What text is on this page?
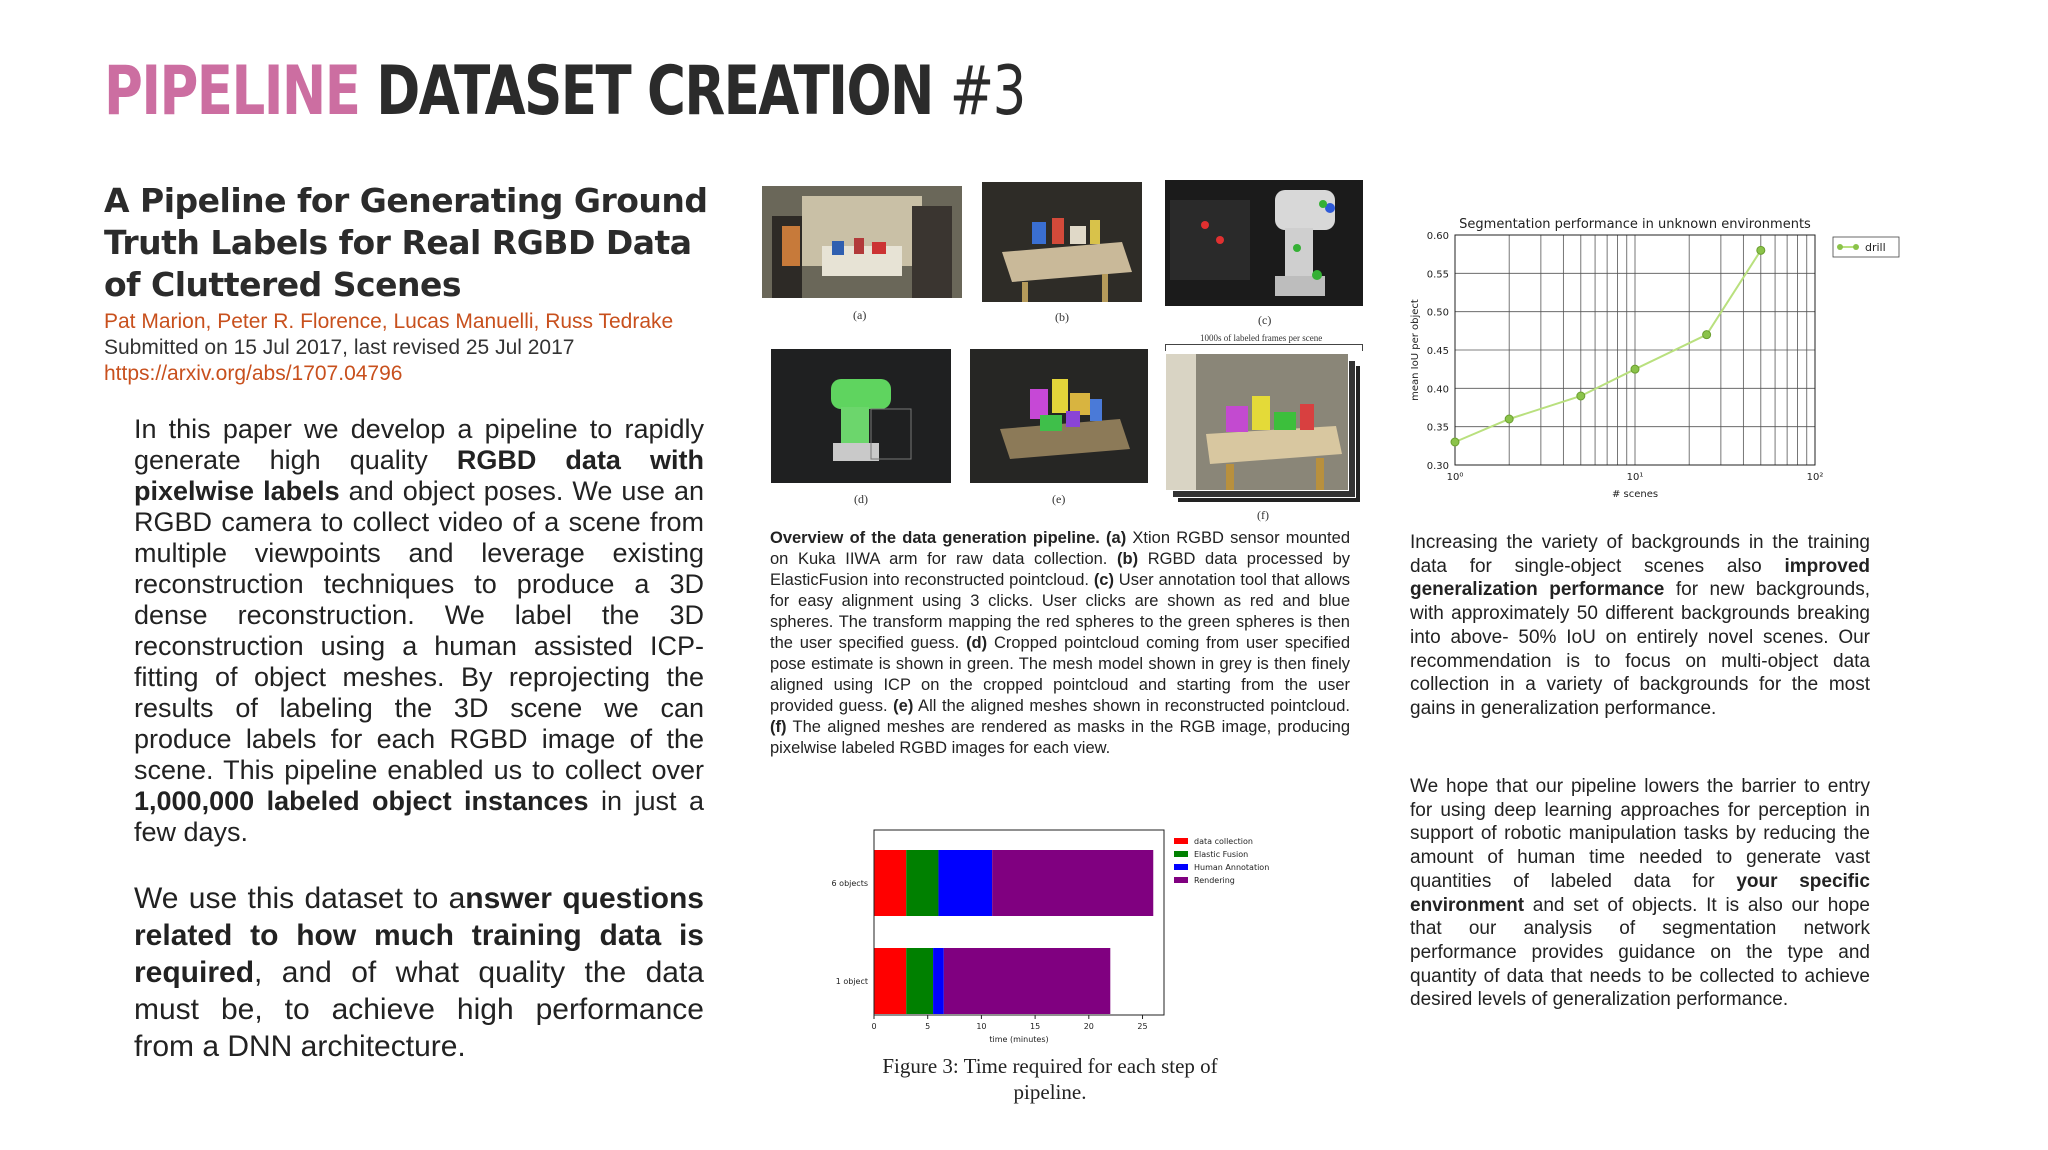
PIPELINE DATASET CREATION #3
A Pipeline for Generating Ground Truth Labels for Real RGBD Data of Cluttered Scenes
Pat Marion, Peter R. Florence, Lucas Manuelli, Russ Tedrake
Submitted on 15 Jul 2017, last revised 25 Jul 2017
https://arxiv.org/abs/1707.04796

In this paper we develop a pipeline to rapidly generate high quality RGBD data with pixelwise labels and object poses. We use an RGBD camera to collect video of a scene from multiple viewpoints and leverage existing reconstruction techniques to produce a 3D dense reconstruction. We label the 3D reconstruction using a human assisted ICP-fitting of object meshes. By reprojecting the results of labeling the 3D scene we can produce labels for each RGBD image of the scene. This pipeline enabled us to collect over 1,000,000 labeled object instances in just a few days.

We use this dataset to answer questions related to how much training data is required, and of what quality the data must be, to achieve high performance from a DNN architecture.

(a)	(b)	(c)
(d)	(e)
1000s of labeled frames per scene
(f)

Overview of the data generation pipeline. (a) Xtion RGBD sensor mounted on Kuka IIWA arm for raw data collection. (b) RGBD data processed by ElasticFusion into reconstructed pointcloud. (c) User annotation tool that allows for easy alignment using 3 clicks. User clicks are shown as red and blue spheres. The transform mapping the red spheres to the green spheres is then the user specified guess. (d) Cropped pointcloud coming from user specified pose estimate is shown in green. The mesh model shown in grey is then finely aligned using ICP on the cropped pointcloud and starting from the user provided guess. (e) All the aligned meshes shown in reconstructed pointcloud. (f) The aligned meshes are rendered as masks in the RGB image, producing pixelwise labeled RGBD images for each view.

6 objects
1 object
0	5	10	15	20	25
time (minutes)
data collection
Elastic Fusion
Human Annotation
Rendering

Figure 3: Time required for each step of pipeline.

Segmentation performance in unknown environments
0.60
0.55
0.50
0.45
0.40
0.35
0.30
10⁰	10¹	10²
# scenes
mean IoU per object
drill

Increasing the variety of backgrounds in the training data for single-object scenes also improved generalization performance for new backgrounds, with approximately 50 different backgrounds breaking into above- 50% IoU on entirely novel scenes. Our recommendation is to focus on multi-object data collection in a variety of backgrounds for the most gains in generalization performance.

We hope that our pipeline lowers the barrier to entry for using deep learning approaches for perception in support of robotic manipulation tasks by reducing the amount of human time needed to generate vast quantities of labeled data for your specific environment and set of objects. It is also our hope that our analysis of segmentation network performance provides guidance on the type and quantity of data that needs to be collected to achieve desired levels of generalization performance.
